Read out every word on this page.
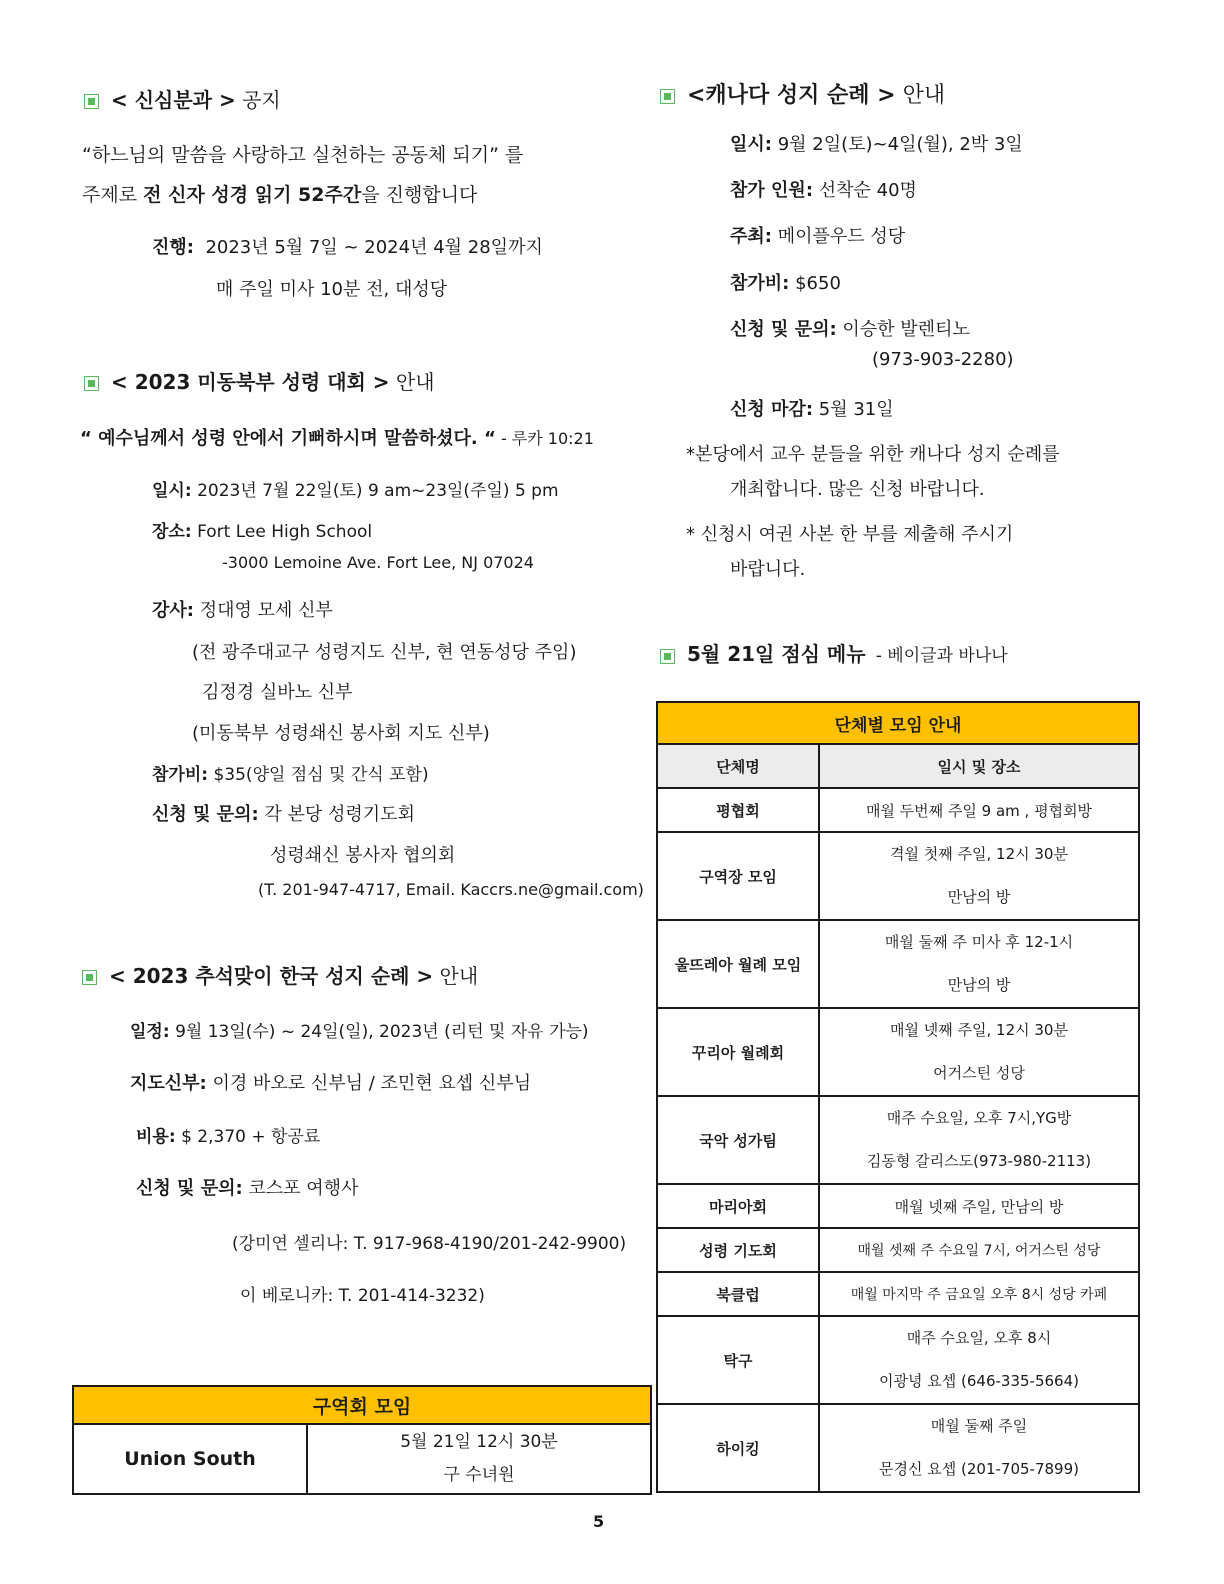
< 신심분과 > 공지
“하느님의 말씀을 사랑하고 실천하는 공동체 되기” 를
주제로 전 신자 성경 읽기 52주간을 진행합니다
진행: 2023년 5월 7일 ~ 2024년 4월 28일까지
매 주일 미사 10분 전, 대성당
< 2023 미동북부 성령 대회 > 안내
“ 예수님께서 성령 안에서 기뻐하시며 말씀하셨다. “ - 루카 10:21
일시: 2023년 7월 22일(토) 9 am~23일(주일) 5 pm
장소: Fort Lee High School
-3000 Lemoine Ave. Fort Lee, NJ 07024
강사: 정대영 모세 신부
(전 광주대교구 성령지도 신부, 현 연동성당 주임)
김정경 실바노 신부
(미동북부 성령쇄신 봉사회 지도 신부)
참가비: $35(양일 점심 및 간식 포함)
신청 및 문의: 각 본당 성령기도회
성령쇄신 봉사자 협의회
(T. 201-947-4717, Email. Kaccrs.ne@gmail.com)
< 2023 추석맞이 한국 성지 순례 > 안내
일정: 9월 13일(수) ~ 24일(일), 2023년 (리턴 및 자유 가능)
지도신부: 이경 바오로 신부님 / 조민현 요셉 신부님
비용: $ 2,370 + 항공료
신청 및 문의: 코스포 여행사
(강미연 셀리나: T. 917-968-4190/201-242-9900)
이 베로니카: T. 201-414-3232)
구역회 모임
Union South	
5월 21일 12시 30분
구 수녀원
<캐나다 성지 순례 > 안내
일시: 9월 2일(토)~4일(월), 2박 3일
참가 인원: 선착순 40명
주최: 메이플우드 성당
참가비: $650
신청 및 문의: 이승한 발렌티노
(973-903-2280)
신청 마감: 5월 31일
*본당에서 교우 분들을 위한 캐나다 성지 순례를
개최합니다. 많은 신청 바랍니다.
* 신청시 여권 사본 한 부를 제출해 주시기
바랍니다.
5월 21일 점심 메뉴 - 베이글과 바나나
단체별 모임 안내	
단체명	일시 및 장소
평협회	매월 두번째 주일 9 am , 평협회방
구역장 모임	격월 첫째 주일, 12시 30분
만남의 방

울뜨레아 월례 모임	매월 둘째 주 미사 후 12-1시
만남의 방

꾸리아 월례회	매월 넷째 주일, 12시 30분
어거스틴 성당

국악 성가팀	매주 수요일, 오후 7시,YG방
김동형 갈리스도(973-980-2113)

마리아회	매월 넷째 주일, 만남의 방
성령 기도회	매월 셋째 주 수요일 7시, 어거스틴 성당
북클럽	매월 마지막 주 금요일 오후 8시 성당 카페
탁구	매주 수요일, 오후 8시
이광녕 요셉 (646-335-5664)

하이킹	매월 둘째 주일
문경신 요셉 (201-705-7899)
5
